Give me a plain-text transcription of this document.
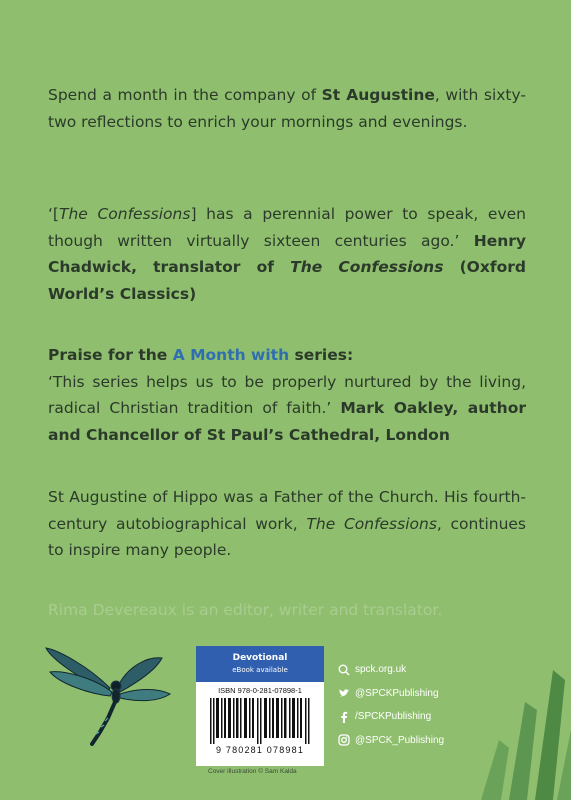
Spend a month in the company of St Augustine, with sixty-two reflections to enrich your mornings and evenings.
‘[The Confessions] has a perennial power to speak, even though written virtually sixteen centuries ago.’ Henry Chadwick, translator of The Confessions (Oxford World’s Classics)
Praise for the A Month with series:
‘This series helps us to be properly nurtured by the living, radical Christian tradition of faith.’ Mark Oakley, author and Chancellor of St Paul’s Cathedral, London
St Augustine of Hippo was a Father of the Church. His fourth-century autobiographical work, The Confessions, continues to inspire many people.
Rima Devereaux is an editor, writer and translator.
Devotional
eBook available
ISBN 978-0-281-07898-1
9 780281 078981
Cover illustration © Sam Kalda
spck.org.uk
@SPCKPublishing
/SPCKPublishing
@SPCK_Publishing
